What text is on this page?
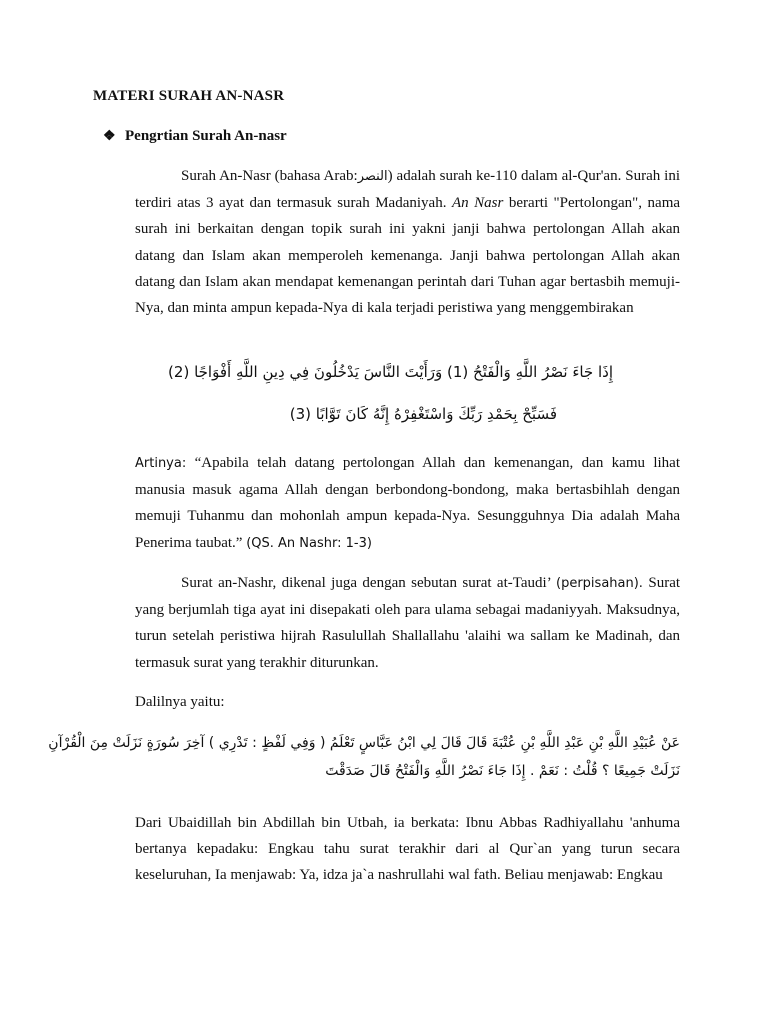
MATERI SURAH AN-NASR
❖ Pengrtian Surah An-nasr

Surah An-Nasr (bahasa Arab:النصر) adalah surah ke-110 dalam al-Qur'an. Surah ini terdiri atas 3 ayat dan termasuk surah Madaniyah. An Nasr berarti "Pertolongan", nama surah ini berkaitan dengan topik surah ini yakni janji bahwa pertolongan Allah akan datang dan Islam akan memperoleh kemenanga. Janji bahwa pertolongan Allah akan datang dan Islam akan mendapat kemenangan perintah dari Tuhan agar bertasbih memuji-Nya, dan minta ampun kepada-Nya di kala terjadi peristiwa yang menggembirakan

إِذَا جَاءَ نَصْرُ اللَّهِ وَالْفَتْحُ (1) وَرَأَيْتَ النَّاسَ يَدْخُلُونَ فِي دِينِ اللَّهِ أَفْوَاجًا (2)
فَسَبِّحْ بِحَمْدِ رَبِّكَ وَاسْتَغْفِرْهُ إِنَّهُ كَانَ تَوَّابًا (3)

Artinya: “Apabila telah datang pertolongan Allah dan kemenangan, dan kamu lihat manusia masuk agama Allah dengan berbondong-bondong, maka bertasbihlah dengan memuji Tuhanmu dan mohonlah ampun kepada-Nya. Sesungguhnya Dia adalah Maha Penerima taubat.” (QS. An Nashr: 1-3)

Surat an-Nashr, dikenal juga dengan sebutan surat at-Taudi’ (perpisahan). Surat yang berjumlah tiga ayat ini disepakati oleh para ulama sebagai madaniyyah. Maksudnya, turun setelah peristiwa hijrah Rasulullah Shallallahu 'alaihi wa sallam ke Madinah, dan termasuk surat yang terakhir diturunkan.

Dalilnya yaitu:
عَنْ عُبَيْدِ اللَّهِ بْنِ عَبْدِ اللَّهِ بْنِ عُتْبَةَ قَالَ قَالَ لِي ابْنُ عَبَّاسٍ تَعْلَمُ ( وَفِي لَفْظٍ : تَدْرِي ) آخِرَ سُورَةٍ نَزَلَتْ مِنَ الْقُرْآنِ
نَزَلَتْ جَمِيعًا ؟ قُلْتُ : نَعَمْ . إِذَا جَاءَ نَصْرُ اللَّهِ وَالْفَتْحُ قَالَ صَدَقْتَ

Dari Ubaidillah bin Abdillah bin Utbah, ia berkata: Ibnu Abbas Radhiyallahu 'anhuma bertanya kepadaku: Engkau tahu surat terakhir dari al Qur`an yang turun secara keseluruhan, Ia menjawab: Ya, idza ja`a nashrullahi wal fath. Beliau menjawab: Engkau
